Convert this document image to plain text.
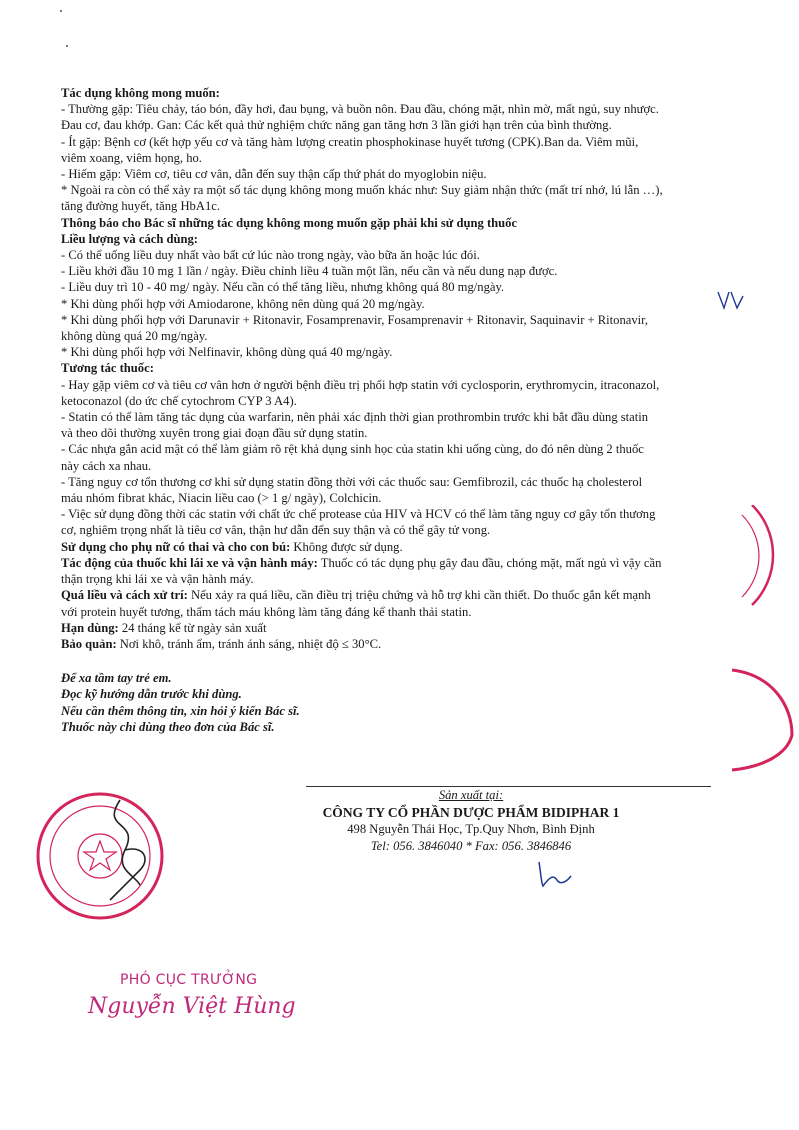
Tác dụng không mong muốn:

- Thường gặp: Tiêu chảy, táo bón, đầy hơi, đau bụng, và buồn nôn. Đau đầu, chóng mặt, nhìn mờ, mất ngủ, suy nhược.

Đau cơ, đau khớp. Gan: Các kết quả thử nghiệm chức năng gan tăng hơn 3 lần giới hạn trên của bình thường.

- Ít gặp: Bệnh cơ (kết hợp yếu cơ và tăng hàm lượng creatin phosphokinase huyết tương (CPK).Ban da. Viêm mũi,

viêm xoang, viêm họng, ho.

- Hiếm gặp: Viêm cơ, tiêu cơ vân, dẫn đến suy thận cấp thứ phát do myoglobin niệu.

* Ngoài ra còn có thể xảy ra một số tác dụng không mong muốn khác như: Suy giảm nhận thức (mất trí nhớ, lú lẫn …),

tăng đường huyết, tăng HbA1c.

Thông báo cho Bác sĩ những tác dụng không mong muốn gặp phải khi sử dụng thuốc

Liều lượng và cách dùng:

- Có thể uống liều duy nhất vào bất cứ lúc nào trong ngày, vào bữa ăn hoặc lúc đói.

- Liều khởi đầu 10 mg 1 lần / ngày. Điều chỉnh liều 4 tuần một lần, nếu cần và nếu dung nạp được.

- Liều duy trì 10 - 40 mg/ ngày. Nếu cần có thể tăng liều, nhưng không quá 80 mg/ngày.

* Khi dùng phối hợp với Amiodarone, không nên dùng quá 20 mg/ngày.

* Khi dùng phối hợp với Darunavir + Ritonavir, Fosamprenavir, Fosamprenavir + Ritonavir, Saquinavir + Ritonavir,

không dùng quá 20 mg/ngày.

* Khi dùng phối hợp với Nelfinavir, không dùng quá 40 mg/ngày.

Tương tác thuốc:

- Hay gặp viêm cơ và tiêu cơ vân hơn ở người bệnh điều trị phối hợp statin với cyclosporin, erythromycin, itraconazol,

ketoconazol (do ức chế cytochrom CYP 3 A4).

- Statin có thể làm tăng tác dụng của warfarin, nên phải xác định thời gian prothrombin trước khi bắt đầu dùng statin

và theo dõi thường xuyên trong giai đoạn đầu sử dụng statin.

- Các nhựa gắn acid mật có thể làm giảm rõ rệt khả dụng sinh học của statin khi uống cùng, do đó nên dùng 2 thuốc

này cách xa nhau.

- Tăng nguy cơ tổn thương cơ khi sử dụng statin đồng thời với các thuốc sau: Gemfibrozil, các thuốc hạ cholesterol

máu nhóm fibrat khác, Niacin liều cao (> 1 g/ ngày), Colchicin.

- Việc sử dụng đồng thời các statin với chất ức chế protease của HIV và HCV có thể làm tăng nguy cơ gây tổn thương

cơ, nghiêm trọng nhất là tiêu cơ vân, thận hư dẫn đến suy thận và có thể gây tử vong.

Sử dụng cho phụ nữ có thai và cho con bú: Không được sử dụng.

Tác động của thuốc khi lái xe và vận hành máy: Thuốc có tác dụng phụ gây đau đầu, chóng mặt, mất ngủ vì vậy cần

thận trọng khi lái xe và vận hành máy.

Quá liều và cách xử trí: Nếu xảy ra quá liều, cần điều trị triệu chứng và hỗ trợ khi cần thiết. Do thuốc gắn kết mạnh

với protein huyết tương, thẩm tách máu không làm tăng đáng kể thanh thải statin.

Hạn dùng: 24 tháng kể từ ngày sản xuất

Bảo quản: Nơi khô, tránh ẩm, tránh ánh sáng, nhiệt độ ≤ 30°C.

Để xa tầm tay trẻ em.

Đọc kỹ hướng dẫn trước khi dùng.

Nếu cần thêm thông tin, xin hỏi ý kiến Bác sĩ.

Thuốc này chỉ dùng theo đơn của Bác sĩ.

Sản xuất tại:
CÔNG TY CỔ PHẦN DƯỢC PHẨM BIDIPHAR 1
498 Nguyễn Thái Học, Tp.Quy Nhơn, Bình Định
Tel: 056. 3846040 * Fax: 056. 3846846
PHÓ CỤC TRƯỞNG
Nguyễn Việt Hùng
